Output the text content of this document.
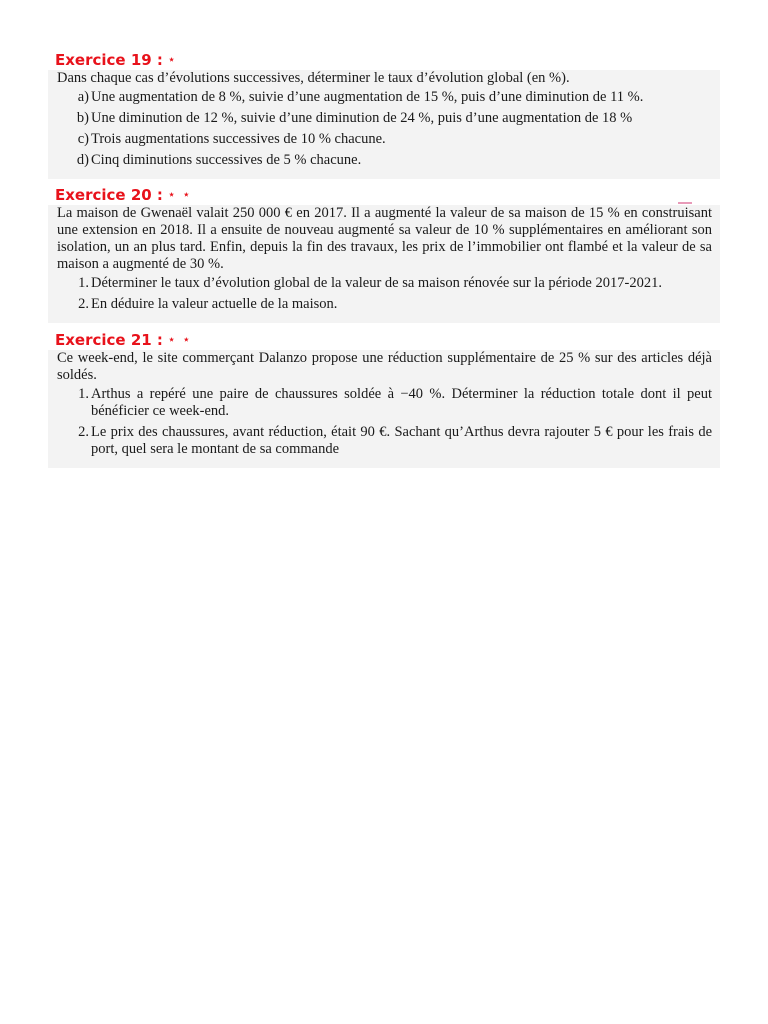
Exercice 19 : ⋆

Dans chaque cas d’évolutions successives, déterminer le taux d’évolution global (en %).

a) Une augmentation de 8 %, suivie d’une augmentation de 15 %, puis d’une diminution de 11 %.
b) Une diminution de 12 %, suivie d’une diminution de 24 %, puis d’une augmentation de 18 %
c) Trois augmentations successives de 10 % chacune.
d) Cinq diminutions successives de 5 % chacune.
Exercice 20 : ⋆ ⋆

La maison de Gwenaël valait 250 000 € en 2017. Il a augmenté la valeur de sa maison de 15 % en construisant une extension en 2018. Il a ensuite de nouveau augmenté sa valeur de 10 % supplémentaires en améliorant son isolation, un an plus tard. Enfin, depuis la fin des travaux, les prix de l’immobilier ont flambé et la valeur de sa maison a augmenté de 30 %.

1. Déterminer le taux d’évolution global de la valeur de sa maison rénovée sur la période 2017-2021.
2. En déduire la valeur actuelle de la maison.
Exercice 21 : ⋆ ⋆

Ce week-end, le site commerçant Dalanzo propose une réduction supplémentaire de 25 % sur des articles déjà soldés.

1. Arthus a repéré une paire de chaussures soldée à −40 %. Déterminer la réduction totale dont il peut bénéficier ce week-end.
2. Le prix des chaussures, avant réduction, était 90 €. Sachant qu’Arthus devra rajouter 5 € pour les frais de port, quel sera le montant de sa commande
